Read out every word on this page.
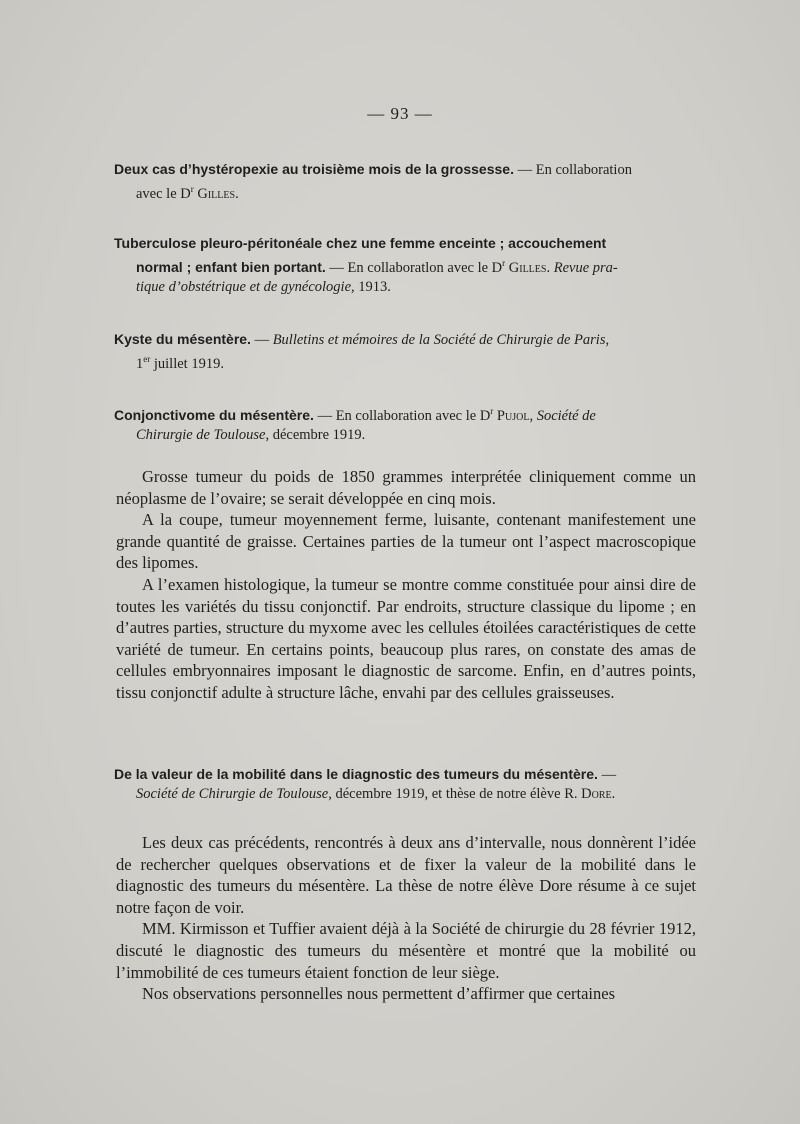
— 93 —
Deux cas d’hystéropexie au troisième mois de la grossesse. — En collaboration
avec le $D^r$ Gilles.
Tuberculose pleuro-péritonéale chez une femme enceinte ; accouchement
normal ; enfant bien portant. — En collaboratlon avec le $D^r$ Gilles. Revue pra-
tique d’obstétrique et de gynécologie, 1913.
Kyste du mésentère. — Bulletins et mémoires de la Société de Chirurgie de Paris,
1er juillet 1919.
Conjonctivome du mésentère. — En collaboration avec le $D^r$ Pujol, Société de
Chirurgie de Toulouse, décembre 1919.

Grosse tumeur du poids de 1850 grammes interprétée cliniquement comme un néoplasme de l’ovaire; se serait développée en cinq mois.

A la coupe, tumeur moyennement ferme, luisante, contenant manifestement une grande quantité de graisse. Certaines parties de la tumeur ont l’aspect macroscopique des lipomes.

A l’examen histologique, la tumeur se montre comme constituée pour ainsi dire de toutes les variétés du tissu conjonctif. Par endroits, structure classique du lipome ; en d’autres parties, structure du myxome avec les cellules étoilées caractéristiques de cette variété de tumeur. En certains points, beaucoup plus rares, on constate des amas de cellules embryonnaires imposant le diagnostic de sarcome. Enfin, en d’autres points, tissu conjonctif adulte à structure lâche, envahi par des cellules graisseuses.

De la valeur de la mobilité dans le diagnostic des tumeurs du mésentère. —
Société de Chirurgie de Toulouse, décembre 1919, et thèse de notre élève R. Dore.

Les deux cas précédents, rencontrés à deux ans d’intervalle, nous donnèrent l’idée de rechercher quelques observations et de fixer la valeur de la mobilité dans le diagnostic des tumeurs du mésentère. La thèse de notre élève Dore résume à ce sujet notre façon de voir.

MM. Kirmisson et Tuffier avaient déjà à la Société de chirurgie du 28 février 1912, discuté le diagnostic des tumeurs du mésentère et montré que la mobilité ou l’immobilité de ces tumeurs étaient fonction de leur siège.

Nos observations personnelles nous permettent d’affirmer que certaines
